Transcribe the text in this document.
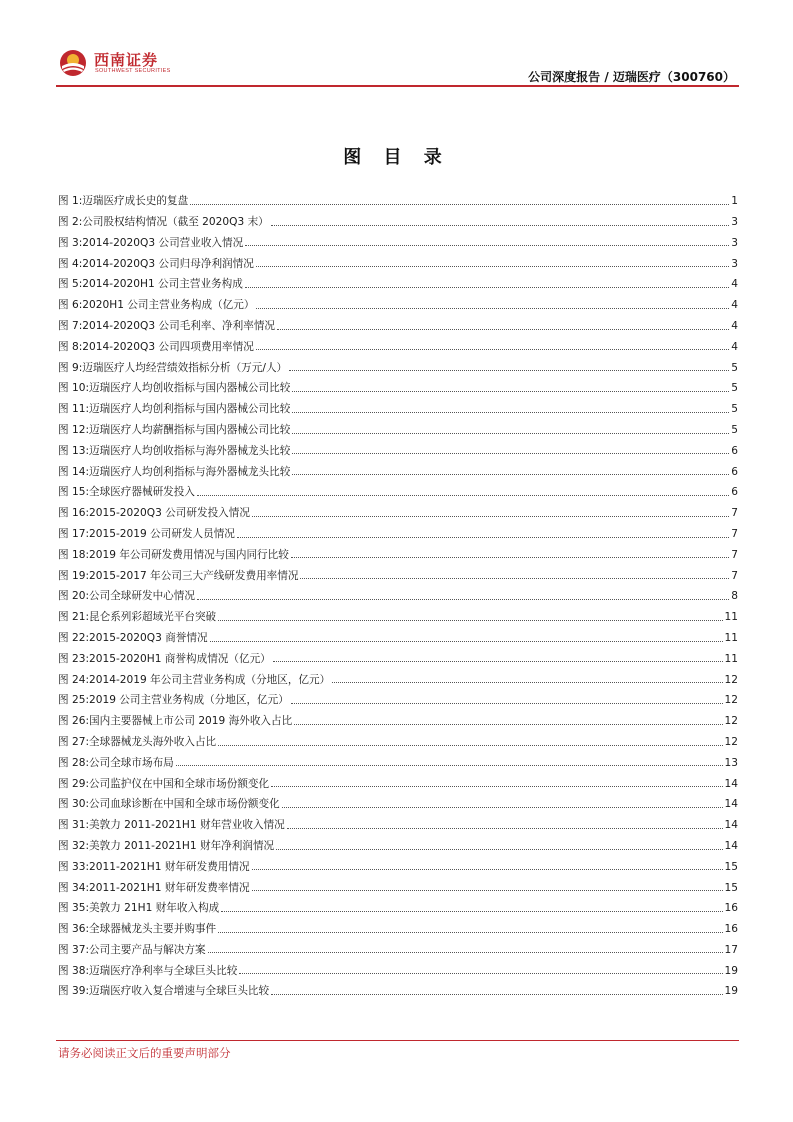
西南证券
SOUTHWEST SECURITIES	公司深度报告 / 迈瑞医疗（300760）
图 目 录
图 1: 迈瑞医疗成长史的复盘	1
图 2: 公司股权结构情况（截至 2020Q3 末）	3
图 3: 2014-2020Q3 公司营业收入情况	3
图 4: 2014-2020Q3 公司归母净利润情况	3
图 5: 2014-2020H1 公司主营业务构成	4
图 6: 2020H1 公司主营业务构成（亿元）	4
图 7: 2014-2020Q3 公司毛利率、净利率情况	4
图 8: 2014-2020Q3 公司四项费用率情况	4
图 9: 迈瑞医疗人均经营绩效指标分析（万元/人）	5
图 10: 迈瑞医疗人均创收指标与国内器械公司比较	5
图 11: 迈瑞医疗人均创利指标与国内器械公司比较	5
图 12: 迈瑞医疗人均薪酬指标与国内器械公司比较	5
图 13: 迈瑞医疗人均创收指标与海外器械龙头比较	6
图 14: 迈瑞医疗人均创利指标与海外器械龙头比较	6
图 15: 全球医疗器械研发投入	6
图 16: 2015-2020Q3 公司研发投入情况	7
图 17: 2015-2019 公司研发人员情况	7
图 18: 2019 年公司研发费用情况与国内同行比较	7
图 19: 2015-2017 年公司三大产线研发费用率情况	7
图 20: 公司全球研发中心情况	8
图 21: 昆仑系列彩超域光平台突破	11
图 22: 2015-2020Q3 商誉情况	11
图 23: 2015-2020H1 商誉构成情况（亿元）	11
图 24: 2014-2019 年公司主营业务构成（分地区，亿元）	12
图 25: 2019 公司主营业务构成（分地区，亿元）	12
图 26: 国内主要器械上市公司 2019 海外收入占比	12
图 27: 全球器械龙头海外收入占比	12
图 28: 公司全球市场布局	13
图 29: 公司监护仪在中国和全球市场份额变化	14
图 30: 公司血球诊断在中国和全球市场份额变化	14
图 31: 美敦力 2011-2021H1 财年营业收入情况	14
图 32: 美敦力 2011-2021H1 财年净利润情况	14
图 33: 2011-2021H1 财年研发费用情况	15
图 34: 2011-2021H1 财年研发费率情况	15
图 35: 美敦力 21H1 财年收入构成	16
图 36: 全球器械龙头主要并购事件	16
图 37: 公司主要产品与解决方案	17
图 38: 迈瑞医疗净利率与全球巨头比较	19
图 39: 迈瑞医疗收入复合增速与全球巨头比较	19
请务必阅读正文后的重要声明部分
